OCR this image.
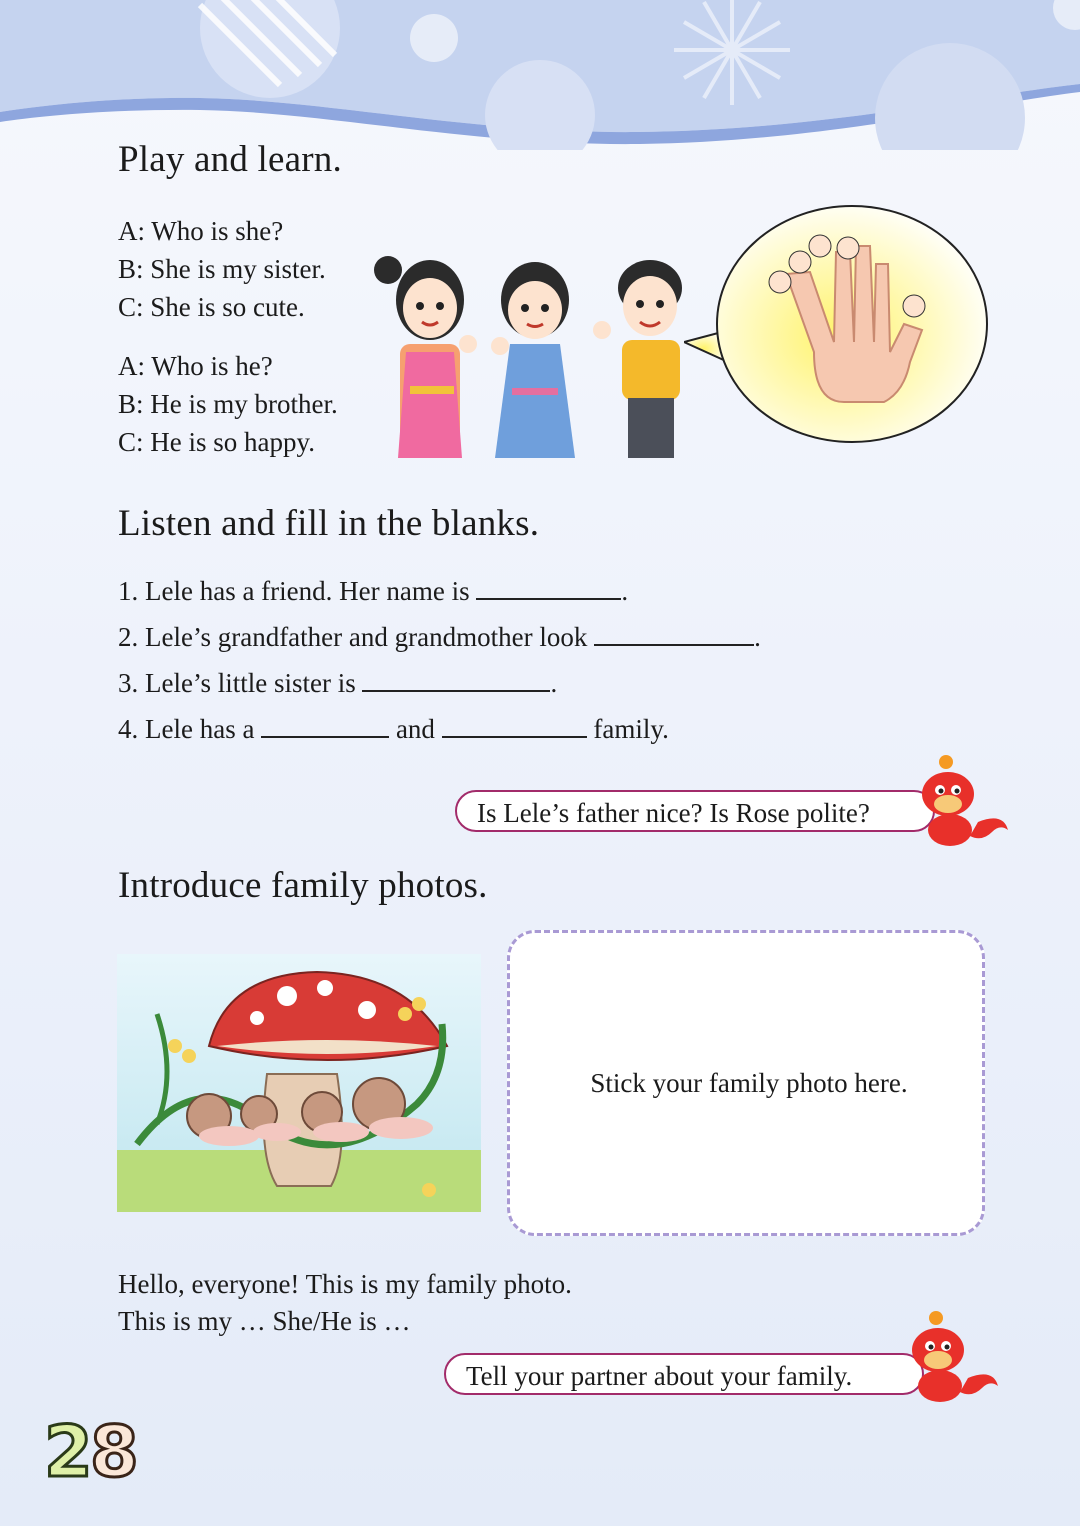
Play and learn.
A: Who is she?
B: She is my sister.
C: She is so cute.
A: Who is he?
B: He is my brother.
C: He is so happy.
Listen and fill in the blanks.
1. Lele has a friend. Her name is	.
2. Lele’s grandfather and grandmother look	.
3. Lele’s little sister is	.
4. Lele has a	and	family.
Is Lele’s father nice? Is Rose polite?
Introduce family photos.
Stick your family photo here.
Hello, everyone! This is my family photo.
This is my … She/He is …
Tell your partner about your family.
2
8
